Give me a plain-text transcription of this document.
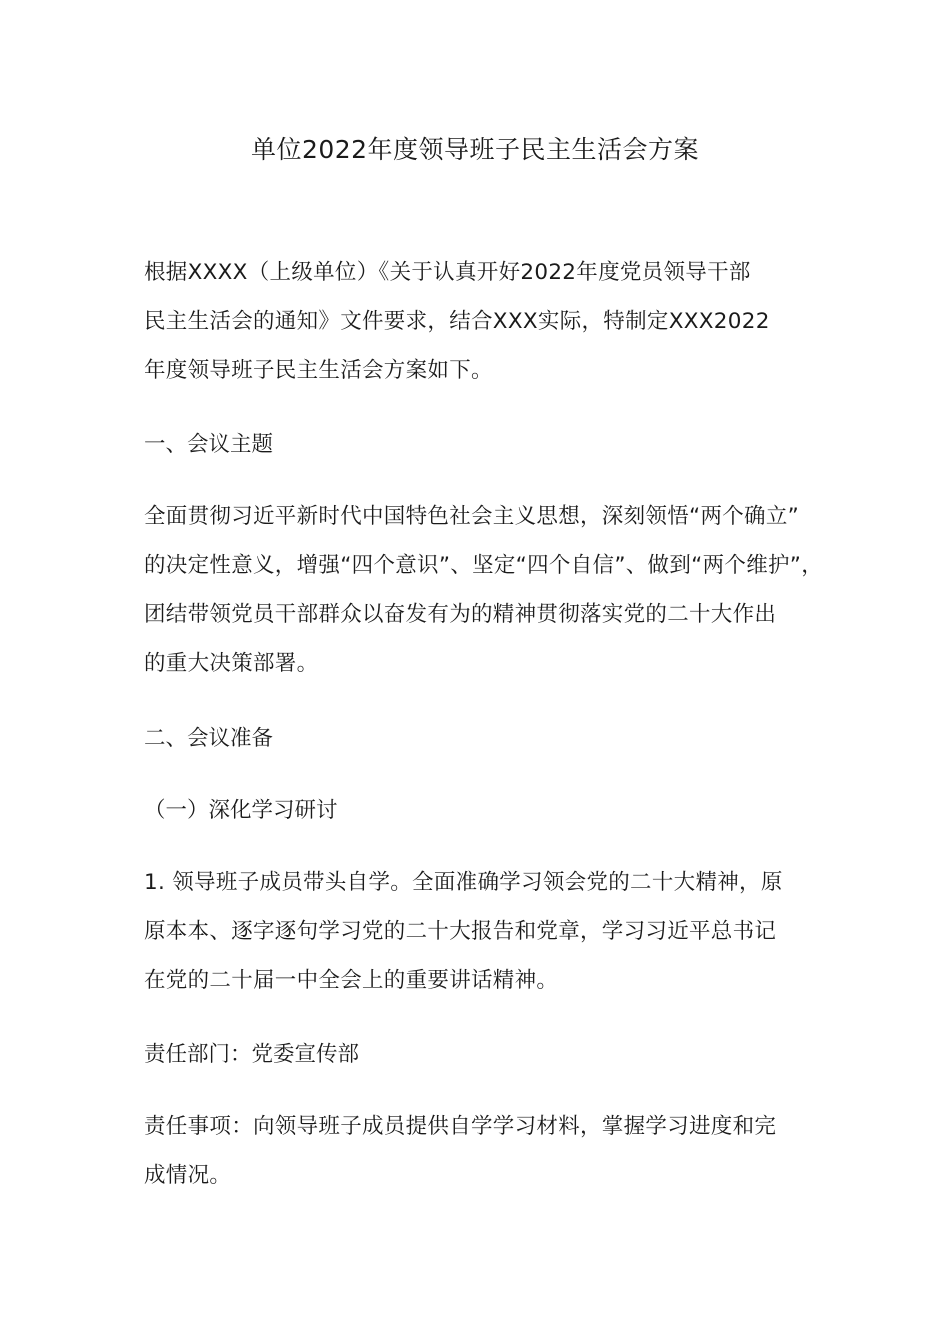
单位2022年度领导班子民主生活会方案

根据XXXX（上级单位）《关于认真开好2022年度党员领导干部
民主生活会的通知》文件要求，结合XXX实际，特制定XXX2022
年度领导班子民主生活会方案如下。

一、会议主题

全面贯彻习近平新时代中国特色社会主义思想，深刻领悟“两个确立”
的决定性意义，增强“四个意识”、坚定“四个自信”、做到“两个维护”，
团结带领党员干部群众以奋发有为的精神贯彻落实党的二十大作出
的重大决策部署。

二、会议准备
（一）深化学习研讨

1. 领导班子成员带头自学。全面准确学习领会党的二十大精神，原
原本本、逐字逐句学习党的二十大报告和党章，学习习近平总书记
在党的二十届一中全会上的重要讲话精神。

责任部门：党委宣传部

责任事项：向领导班子成员提供自学学习材料，掌握学习进度和完
成情况。
